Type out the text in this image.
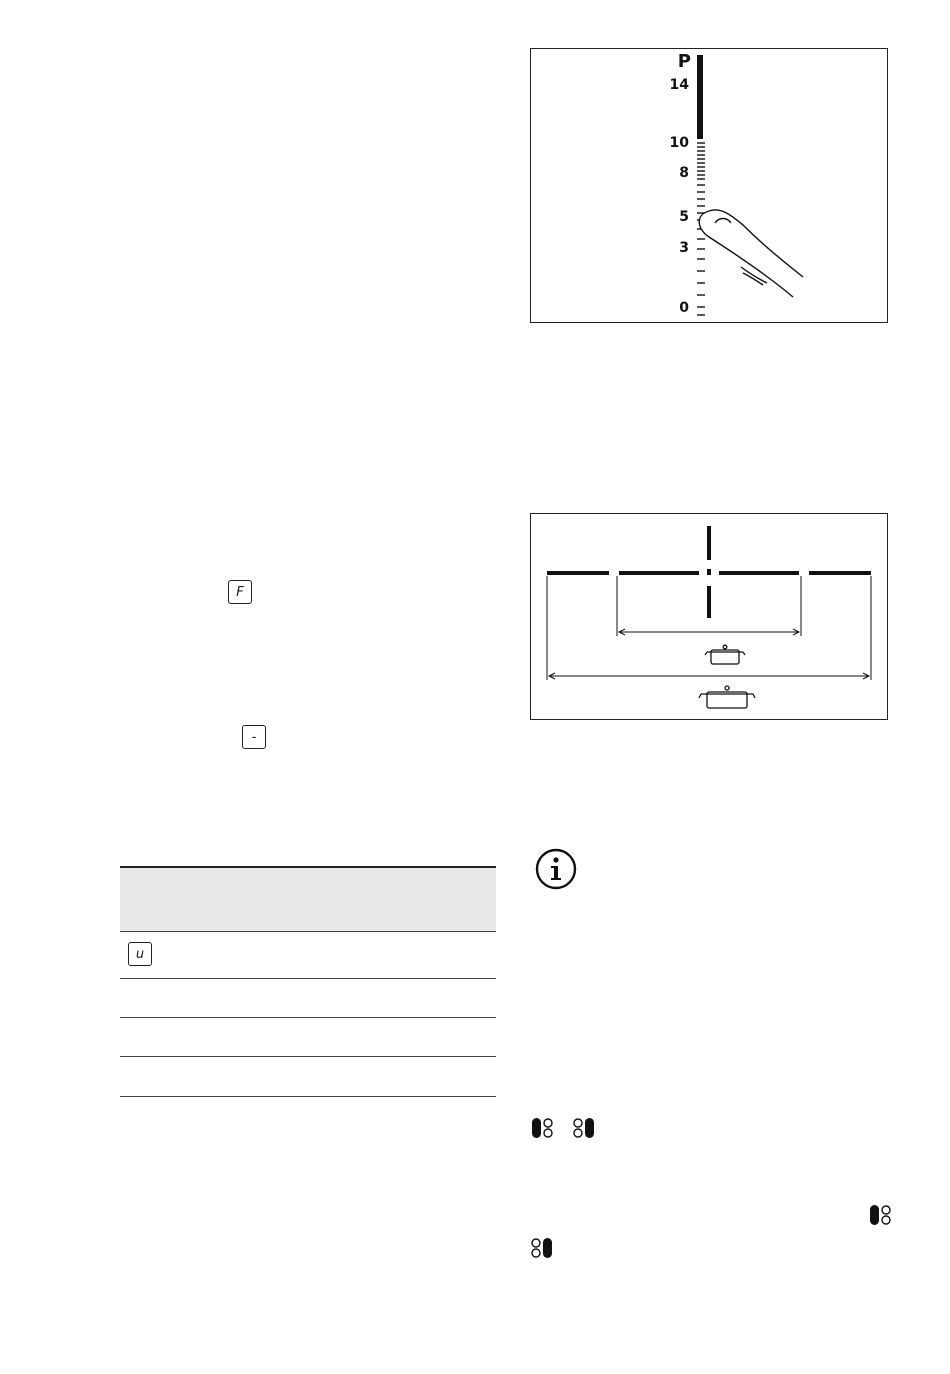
F
-
u
P
14
10
8
5
3
0
